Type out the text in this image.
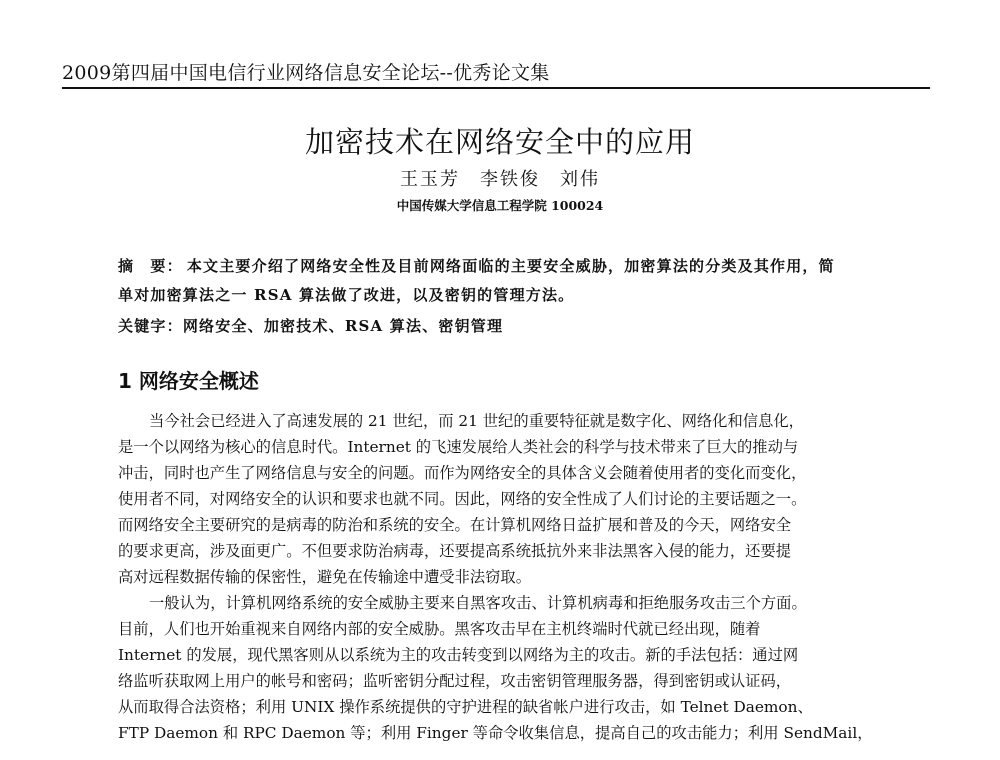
2009第四届中国电信行业网络信息安全论坛--优秀论文集
加密技术在网络安全中的应用
王玉芳　李铁俊　刘伟
中国传媒大学信息工程学院 100024
摘　要： 本文主要介绍了网络安全性及目前网络面临的主要安全威胁，加密算法的分类及其作用，简
单对加密算法之一 RSA 算法做了改进，以及密钥的管理方法。
关键字：网络安全、加密技术、RSA 算法、密钥管理
1 网络安全概述
当今社会已经进入了高速发展的 21 世纪，而 21 世纪的重要特征就是数字化、网络化和信息化，
是一个以网络为核心的信息时代。Internet 的飞速发展给人类社会的科学与技术带来了巨大的推动与
冲击，同时也产生了网络信息与安全的问题。而作为网络安全的具体含义会随着使用者的变化而变化，
使用者不同，对网络安全的认识和要求也就不同。因此，网络的安全性成了人们讨论的主要话题之一。
而网络安全主要研究的是病毒的防治和系统的安全。在计算机网络日益扩展和普及的今天，网络安全
的要求更高，涉及面更广。不但要求防治病毒，还要提高系统抵抗外来非法黑客入侵的能力，还要提
高对远程数据传输的保密性，避免在传输途中遭受非法窃取。
一般认为，计算机网络系统的安全威胁主要来自黑客攻击、计算机病毒和拒绝服务攻击三个方面。
目前，人们也开始重视来自网络内部的安全威胁。黑客攻击早在主机终端时代就已经出现，随着
Internet 的发展，现代黑客则从以系统为主的攻击转变到以网络为主的攻击。新的手法包括：通过网
络监听获取网上用户的帐号和密码；监听密钥分配过程，攻击密钥管理服务器，得到密钥或认证码，
从而取得合法资格；利用 UNIX 操作系统提供的守护进程的缺省帐户进行攻击，如 Telnet Daemon、
FTP Daemon 和 RPC Daemon 等；利用 Finger 等命令收集信息，提高自己的攻击能力；利用 SendMail，
